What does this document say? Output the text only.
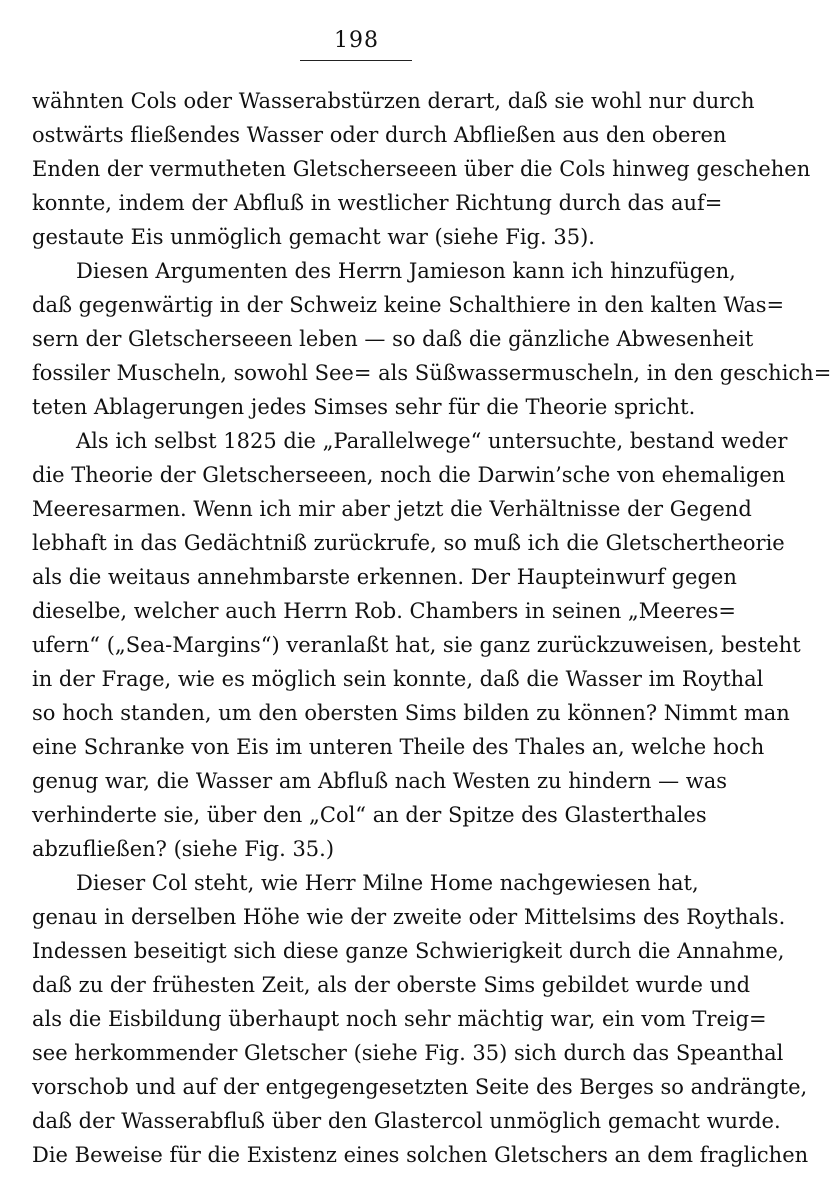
198
wähnten Cols oder Wasserabstürzen derart, daß sie wohl nur durch
ostwärts fließendes Wasser oder durch Abfließen aus den oberen
Enden der vermutheten Gletscherseeen über die Cols hinweg geschehen
konnte, indem der Abfluß in westlicher Richtung durch das auf=
gestaute Eis unmöglich gemacht war (siehe Fig. 35).
Diesen Argumenten des Herrn Jamieson kann ich hinzufügen,
daß gegenwärtig in der Schweiz keine Schalthiere in den kalten Was=
sern der Gletscherseeen leben — so daß die gänzliche Abwesenheit
fossiler Muscheln, sowohl See= als Süßwassermuscheln, in den geschich=
teten Ablagerungen jedes Simses sehr für die Theorie spricht.
Als ich selbst 1825 die „Parallelwege“ untersuchte, bestand weder
die Theorie der Gletscherseeen, noch die Darwin’sche von ehemaligen
Meeresarmen. Wenn ich mir aber jetzt die Verhältnisse der Gegend
lebhaft in das Gedächtniß zurückrufe, so muß ich die Gletschertheorie
als die weitaus annehmbarste erkennen. Der Haupteinwurf gegen
dieselbe, welcher auch Herrn Rob. Chambers in seinen „Meeres=
ufern“ („Sea-Margins“) veranlaßt hat, sie ganz zurückzuweisen, besteht
in der Frage, wie es möglich sein konnte, daß die Wasser im Roythal
so hoch standen, um den obersten Sims bilden zu können? Nimmt man
eine Schranke von Eis im unteren Theile des Thales an, welche hoch
genug war, die Wasser am Abfluß nach Westen zu hindern — was
verhinderte sie, über den „Col“ an der Spitze des Glasterthales
abzufließen? (siehe Fig. 35.)
Dieser Col steht, wie Herr Milne Home nachgewiesen hat,
genau in derselben Höhe wie der zweite oder Mittelsims des Roythals.
Indessen beseitigt sich diese ganze Schwierigkeit durch die Annahme,
daß zu der frühesten Zeit, als der oberste Sims gebildet wurde und
als die Eisbildung überhaupt noch sehr mächtig war, ein vom Treig=
see herkommender Gletscher (siehe Fig. 35) sich durch das Speanthal
vorschob und auf der entgegengesetzten Seite des Berges so andrängte,
daß der Wasserabfluß über den Glastercol unmöglich gemacht wurde.
Die Beweise für die Existenz eines solchen Gletschers an dem fraglichen
